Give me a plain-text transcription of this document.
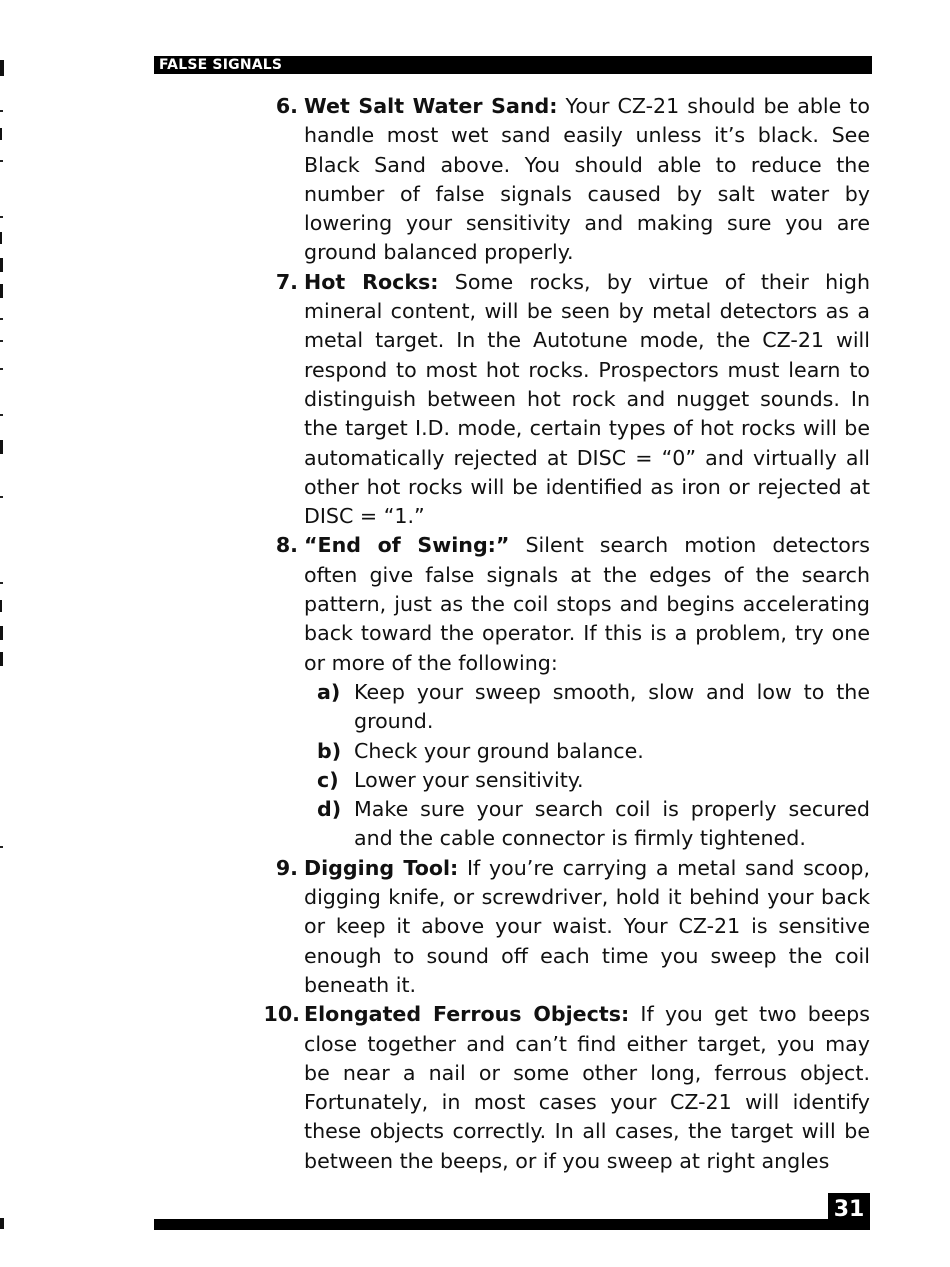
FALSE SIGNALS
6. Wet Salt Water Sand: Your CZ-21 should be able to handle most wet sand easily unless it’s black. See Black Sand above. You should able to reduce the number of false signals caused by salt water by lowering your sensitivity and making sure you are ground balanced properly.
7. Hot Rocks: Some rocks, by virtue of their high mineral content, will be seen by metal detectors as a metal target. In the Autotune mode, the CZ-21 will respond to most hot rocks. Prospectors must learn to distinguish between hot rock and nugget sounds. In the target I.D. mode, certain types of hot rocks will be automatically rejected at DISC = “0” and virtually all other hot rocks will be identified as iron or rejected at DISC = “1.”
8. “End of Swing:” Silent search motion detectors often give false signals at the edges of the search pattern, just as the coil stops and begins accelerating back toward the operator. If this is a problem, try one or more of the following:
a) Keep your sweep smooth, slow and low to the ground.
b) Check your ground balance.
c) Lower your sensitivity.
d) Make sure your search coil is properly secured and the cable connector is firmly tightened.
9. Digging Tool: If you’re carrying a metal sand scoop, digging knife, or screwdriver, hold it behind your back or keep it above your waist. Your CZ-21 is sensitive enough to sound off each time you sweep the coil beneath it.
10. Elongated Ferrous Objects: If you get two beeps close together and can’t find either target, you may be near a nail or some other long, ferrous object. Fortunately, in most cases your CZ-21 will identify these objects correctly. In all cases, the target will be between the beeps, or if you sweep at right angles
31
